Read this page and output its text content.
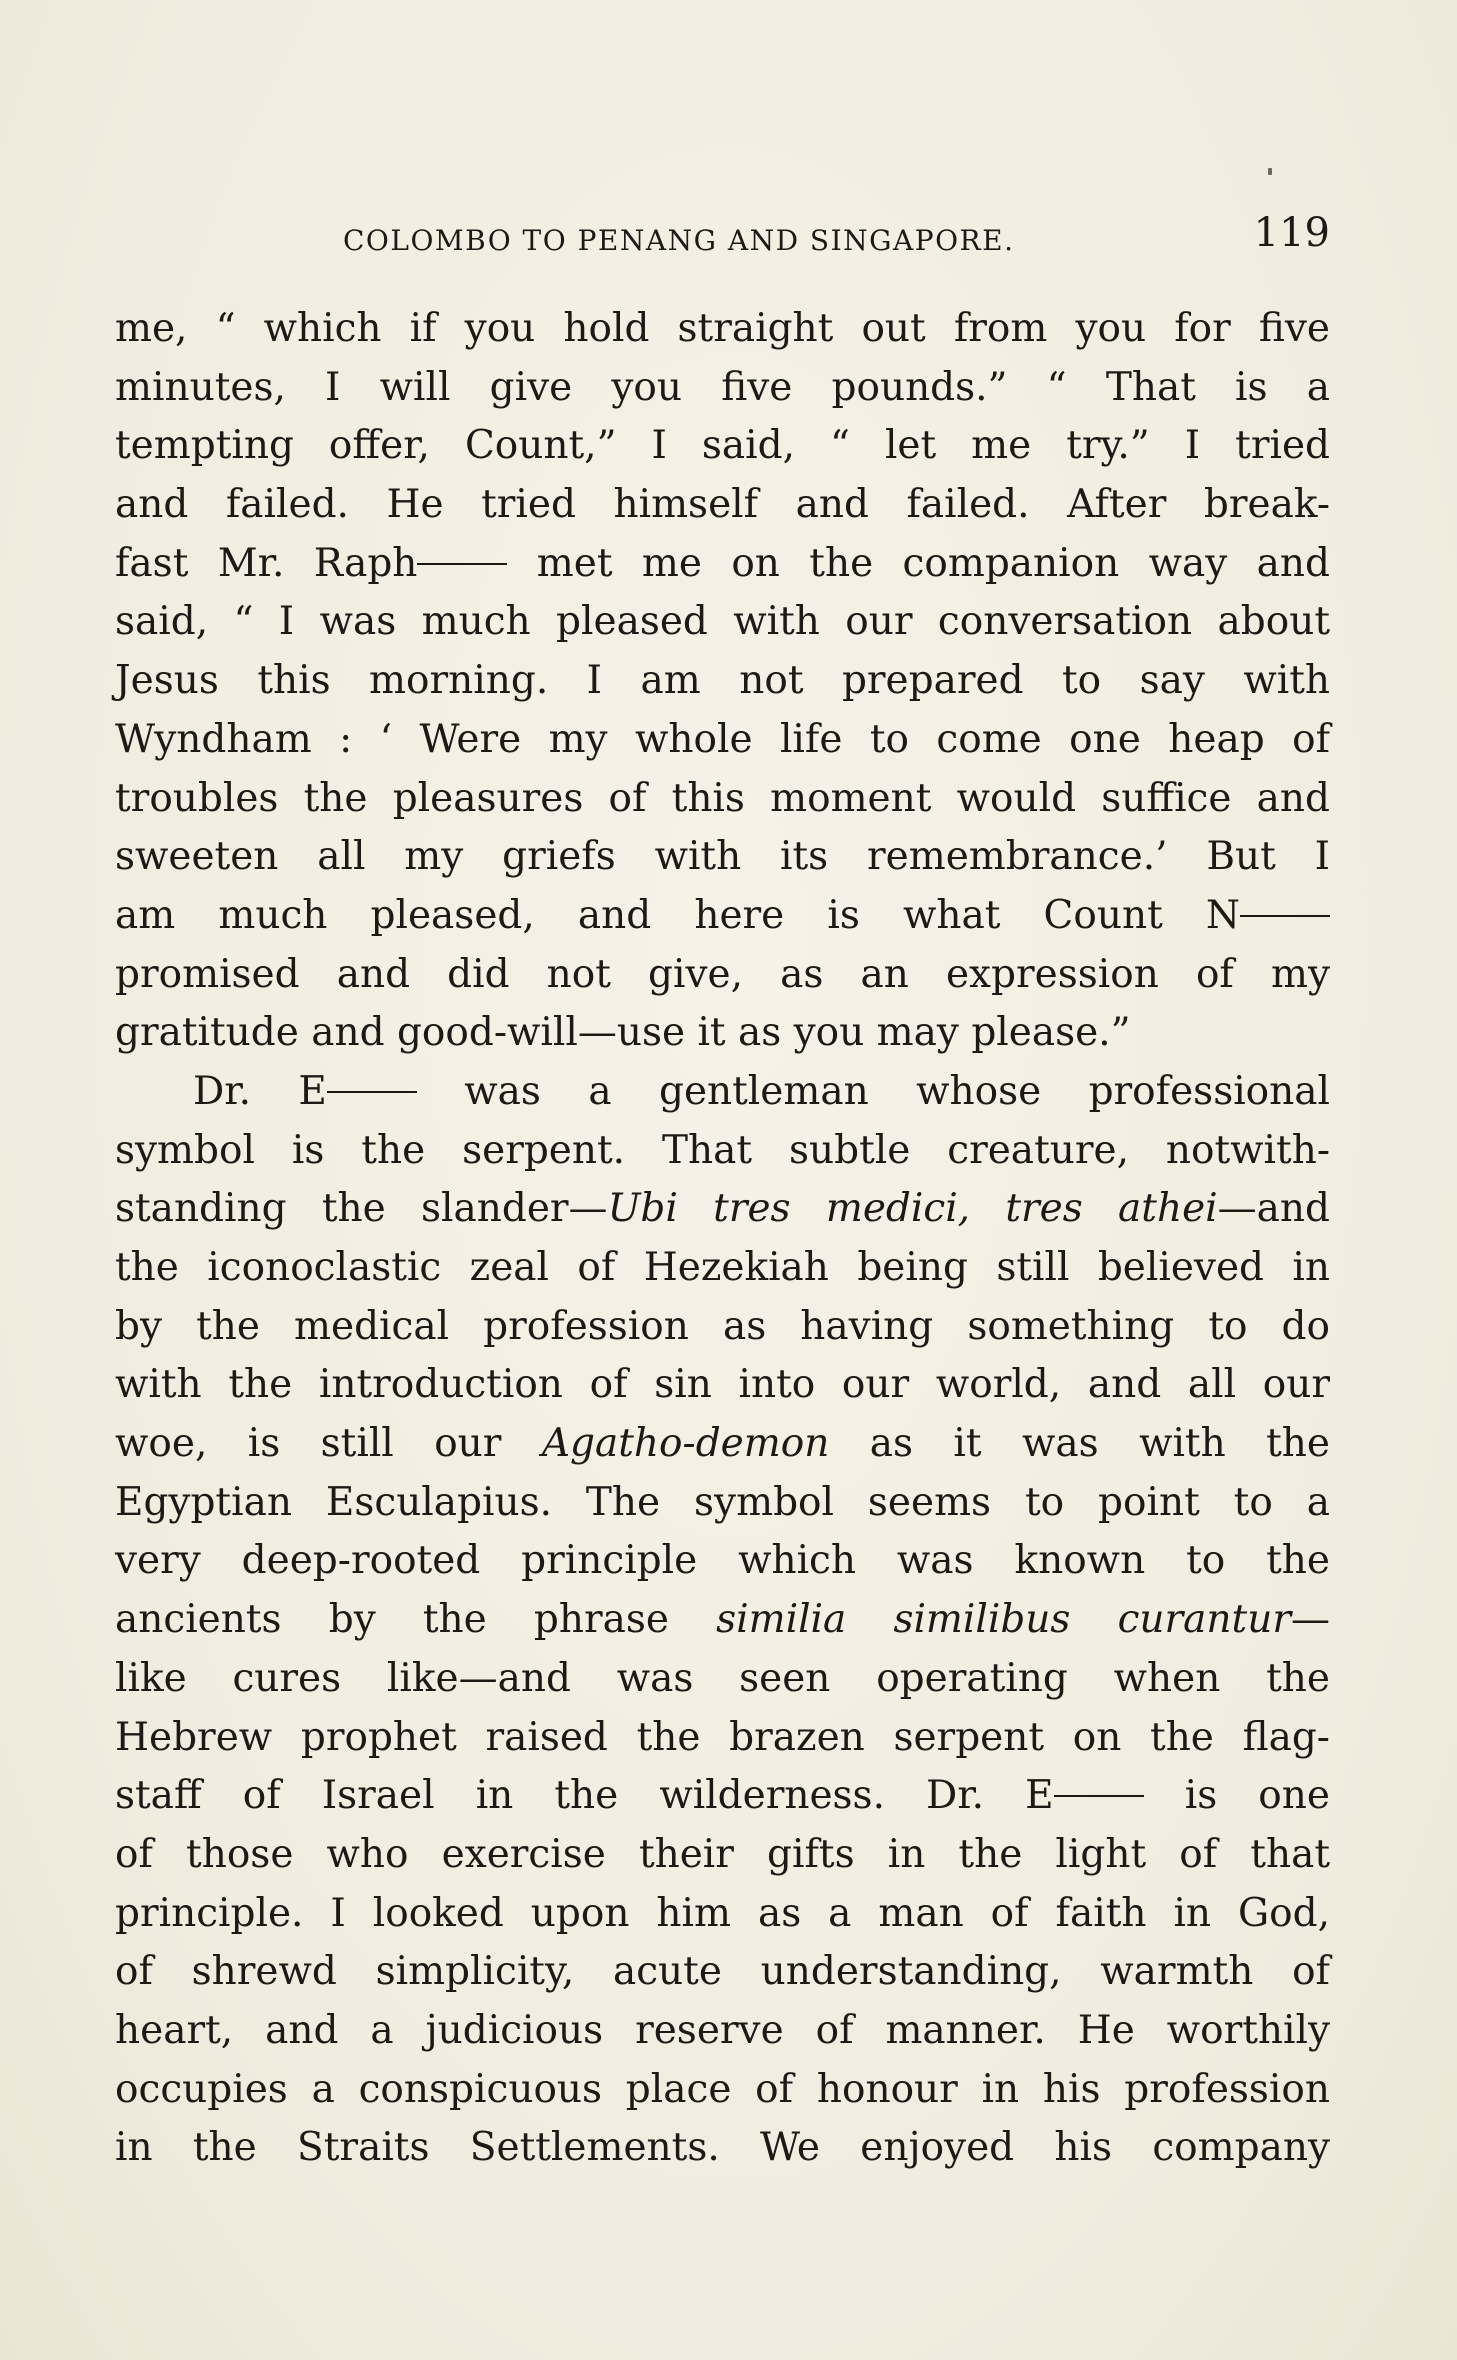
COLOMBO TO PENANG AND SINGAPORE.	119
me, “ which if you hold straight out from you for five
minutes, I will give you five pounds.” “ That is a
tempting offer, Count,” I said, “ let me try.” I tried
and failed. He tried himself and failed. After break-
fast Mr. Raph met me on the companion way and
said, “ I was much pleased with our conversation about
Jesus this morning. I am not prepared to say with
Wyndham : ‘ Were my whole life to come one heap of
troubles the pleasures of this moment would suffice and
sweeten all my griefs with its remembrance.’ But I
am much pleased, and here is what Count N
promised and did not give, as an expression of my
gratitude and good-will—use it as you may please.”
Dr. E was a gentleman whose professional
symbol is the serpent. That subtle creature, notwith-
standing the slander—Ubi tres medici, tres athei—and
the iconoclastic zeal of Hezekiah being still believed in
by the medical profession as having something to do
with the introduction of sin into our world, and all our
woe, is still our Agatho-demon as it was with the
Egyptian Esculapius. The symbol seems to point to a
very deep-rooted principle which was known to the
ancients by the phrase similia similibus curantur—
like cures like—and was seen operating when the
Hebrew prophet raised the brazen serpent on the flag-
staff of Israel in the wilderness. Dr. E is one
of those who exercise their gifts in the light of that
principle. I looked upon him as a man of faith in God,
of shrewd simplicity, acute understanding, warmth of
heart, and a judicious reserve of manner. He worthily
occupies a conspicuous place of honour in his profession
in the Straits Settlements. We enjoyed his company
